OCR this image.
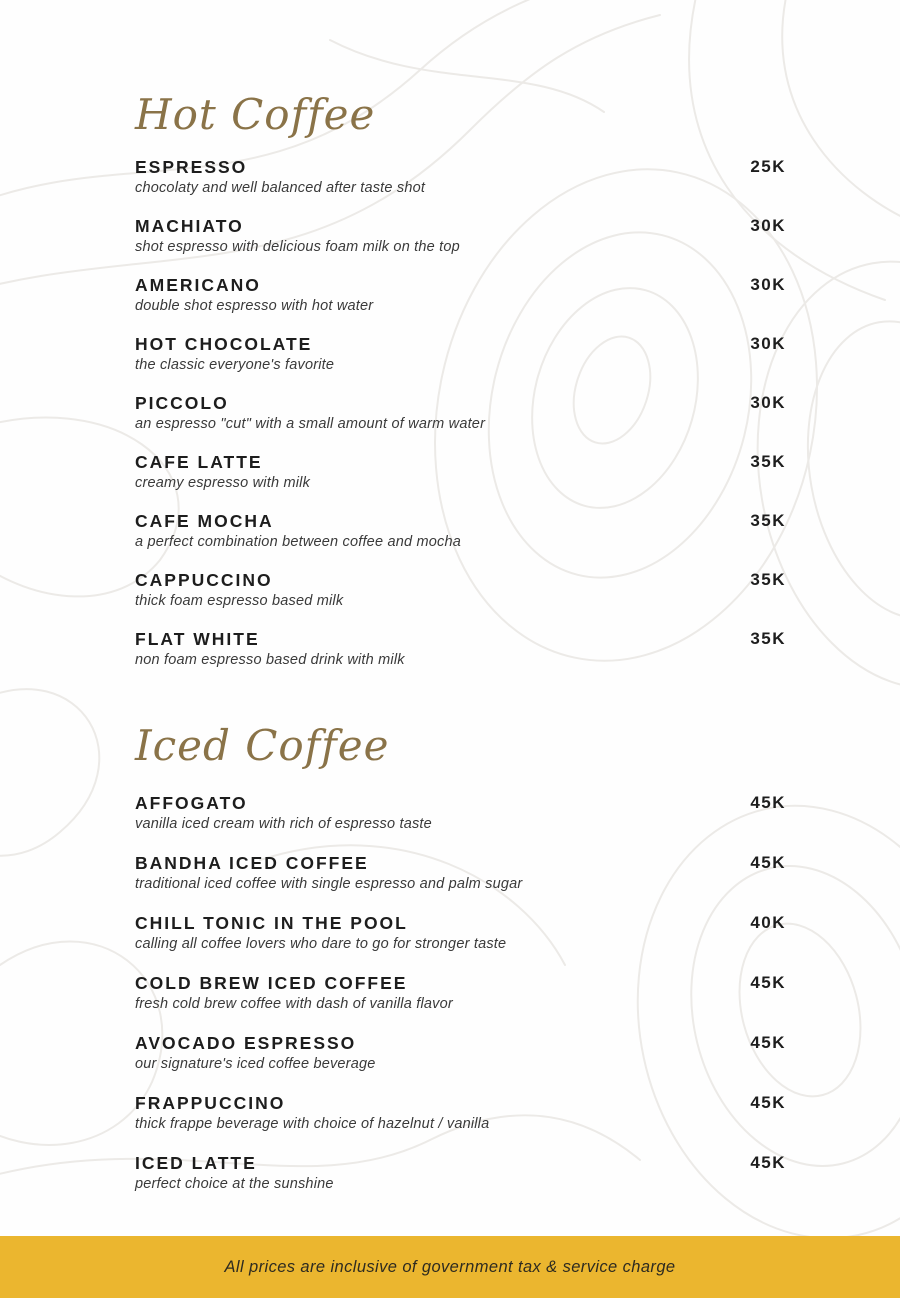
Hot Coffee
ESPRESSO
chocolaty and well balanced after taste shot
25K
MACHIATO
shot espresso with delicious foam milk on the top
30K
AMERICANO
double shot espresso with hot water
30K
HOT CHOCOLATE
the classic everyone's favorite
30K
PICCOLO
an espresso "cut" with a small amount of warm water
30K
CAFE LATTE
creamy espresso with milk
35K
CAFE MOCHA
a perfect combination between coffee and mocha
35K
CAPPUCCINO
thick foam espresso based milk
35K
FLAT WHITE
non foam espresso based drink with milk
35K
Iced Coffee
AFFOGATO
vanilla iced cream with rich of espresso taste
45K
BANDHA ICED COFFEE
traditional iced coffee with single espresso and palm sugar
45K
CHILL TONIC IN THE POOL
calling all coffee lovers who dare to go for stronger taste
40K
COLD BREW ICED COFFEE
fresh cold brew coffee with dash of vanilla flavor
45K
AVOCADO ESPRESSO
our signature's iced coffee beverage
45K
FRAPPUCCINO
thick frappe beverage with choice of hazelnut / vanilla
45K
ICED LATTE
perfect choice at the sunshine
45K

All prices are inclusive of government tax & service charge
